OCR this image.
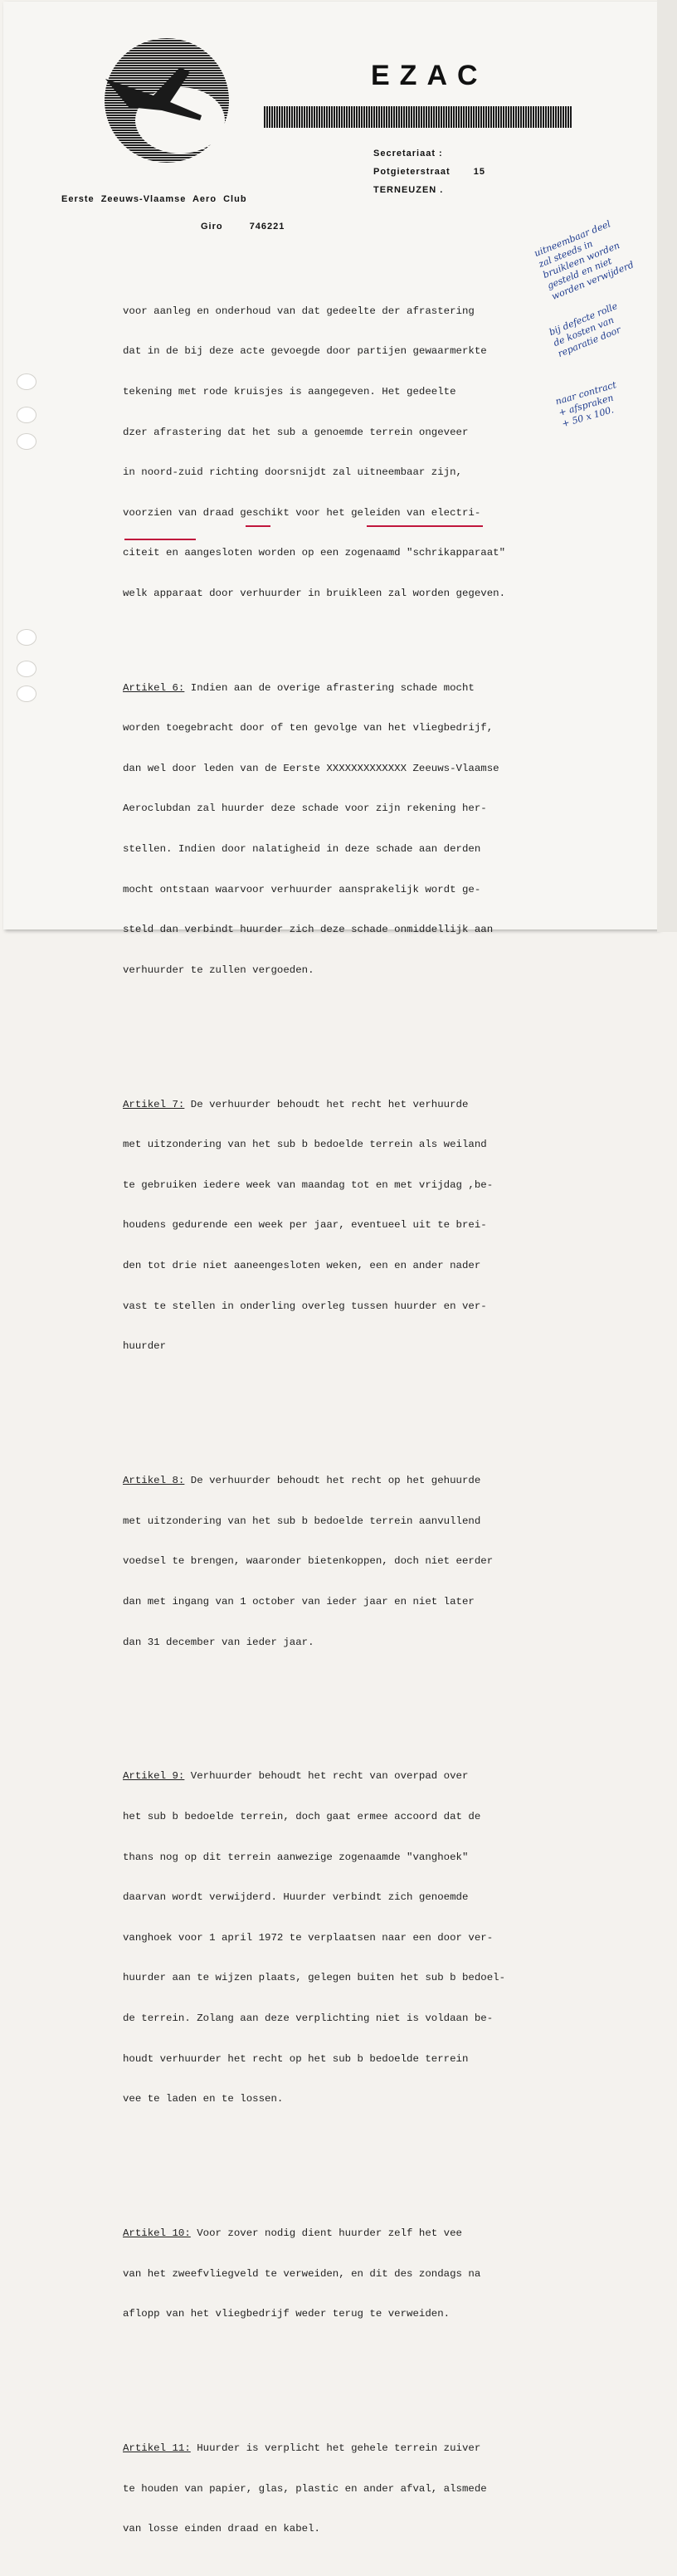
EZAC
Secretariaat :
Potgieterstraat	15
TERNEUZEN .
Eerste Zeeuws-Vlaamse Aero Club
Giro	746221

voor aanleg en onderhoud van dat gedeelte der afrastering

dat in de bij deze acte gevoegde door partijen gewaarmerkte

tekening met rode kruisjes is aangegeven. Het gedeelte

dzer afrastering dat het sub a genoemde terrein ongeveer

in noord-zuid richting doorsnijdt zal uitneembaar zijn,

voorzien van draad geschikt voor het geleiden van electri-

citeit en aangesloten worden op een zogenaamd "schrikapparaat"

welk apparaat door verhuurder in bruikleen zal worden gegeven.

Artikel 6: Indien aan de overige afrastering schade mocht

worden toegebracht door of ten gevolge van het vliegbedrijf,

dan wel door leden van de Eerste XXXXXXXXXXXXX Zeeuws-Vlaamse

Aeroclubdan zal huurder deze schade voor zijn rekening her-

stellen. Indien door nalatigheid in deze schade aan derden

mocht ontstaan waarvoor verhuurder aansprakelijk wordt ge-

steld dan verbindt huurder zich deze schade onmiddellijk aan

verhuurder te zullen vergoeden.

Artikel 7: De verhuurder behoudt het recht het verhuurde

met uitzondering van het sub b bedoelde terrein als weiland

te gebruiken iedere week van maandag tot en met vrijdag ,be-

houdens gedurende een week per jaar, eventueel uit te brei-

den tot drie niet aaneengesloten weken, een en ander nader

vast te stellen in onderling overleg tussen huurder en ver-

huurder

Artikel 8: De verhuurder behoudt het recht op het gehuurde

met uitzondering van het sub b bedoelde terrein aanvullend

voedsel te brengen, waaronder bietenkoppen, doch niet eerder

dan met ingang van 1 october van ieder jaar en niet later

dan 31 december van ieder jaar.

Artikel 9: Verhuurder behoudt het recht van overpad over

het sub b bedoelde terrein, doch gaat ermee accoord dat de

thans nog op dit terrein aanwezige zogenaamde "vanghoek"

daarvan wordt verwijderd. Huurder verbindt zich genoemde

vanghoek voor 1 april 1972 te verplaatsen naar een door ver-

huurder aan te wijzen plaats, gelegen buiten het sub b bedoel-

de terrein. Zolang aan deze verplichting niet is voldaan be-

houdt verhuurder het recht op het sub b bedoelde terrein

vee te laden en te lossen.

Artikel 10: Voor zover nodig dient huurder zelf het vee

van het zweefvliegveld te verweiden, en dit des zondags na

aflopp van het vliegbedrijf weder terug te verweiden.

Artikel 11: Huurder is verplicht het gehele terrein zuiver

te houden van papier, glas, plastic en ander afval, alsmede

van losse einden draad en kabel.

uitneembaar deel
zal steeds in
bruikleen worden
gesteld en niet
worden verwijderd
bij defecte rolle
de kosten van
reparatie door
naar contract
+ afspraken
+ 50 x 100.
